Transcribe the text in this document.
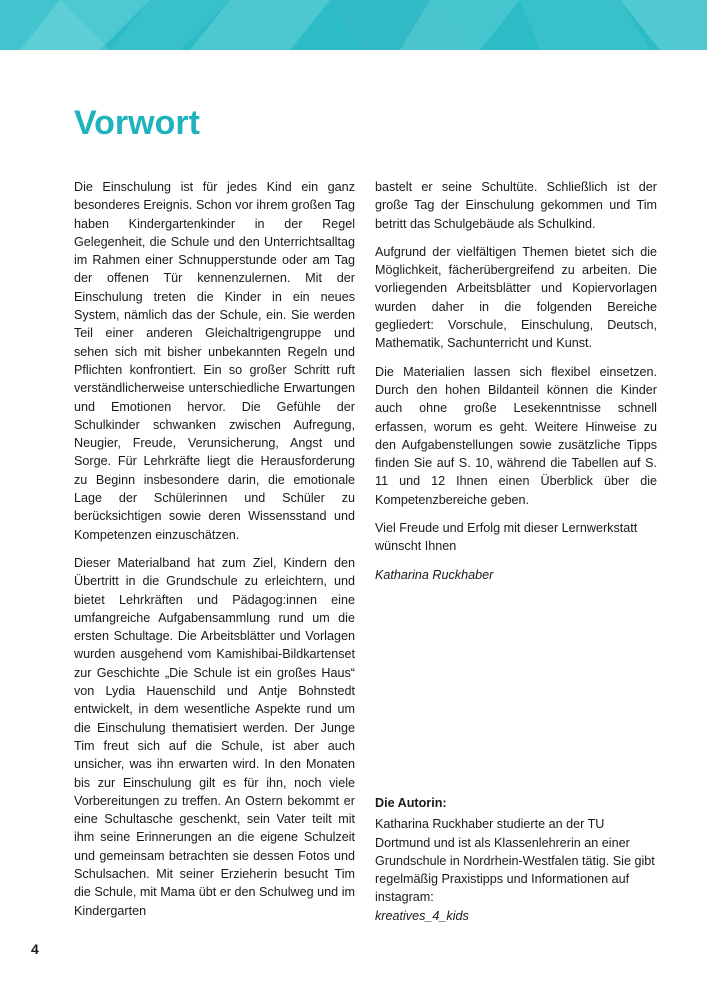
Vorwort

Die Einschulung ist für jedes Kind ein ganz besonderes Ereignis. Schon vor ihrem großen Tag haben Kindergartenkinder in der Regel Gelegenheit, die Schule und den Unterrichtsalltag im Rahmen einer Schnupperstunde oder am Tag der offenen Tür kennenzulernen. Mit der Einschulung treten die Kinder in ein neues System, nämlich das der Schule, ein. Sie werden Teil einer anderen Gleichaltrigengruppe und sehen sich mit bisher unbekannten Regeln und Pflichten konfrontiert. Ein so großer Schritt ruft verständlicherweise unterschiedliche Erwartungen und Emotionen hervor. Die Gefühle der Schulkinder schwanken zwischen Aufregung, Neugier, Freude, Verunsicherung, Angst und Sorge. Für Lehrkräfte liegt die Herausforderung zu Beginn insbesondere darin, die emotionale Lage der Schülerinnen und Schüler zu berücksichtigen sowie deren Wissensstand und Kompetenzen einzuschätzen.

Dieser Materialband hat zum Ziel, Kindern den Übertritt in die Grundschule zu erleichtern, und bietet Lehrkräften und Pädagog:innen eine umfangreiche Aufgabensammlung rund um die ersten Schultage. Die Arbeitsblätter und Vorlagen wurden ausgehend vom Kamishibai-Bildkartenset zur Geschichte „Die Schule ist ein großes Haus“ von Lydia Hauenschild und Antje Bohnstedt entwickelt, in dem wesentliche Aspekte rund um die Einschulung thematisiert werden. Der Junge Tim freut sich auf die Schule, ist aber auch unsicher, was ihn erwarten wird. In den Monaten bis zur Einschulung gilt es für ihn, noch viele Vorbereitungen zu treffen. An Ostern bekommt er eine Schultasche geschenkt, sein Vater teilt mit ihm seine Erinnerungen an die eigene Schulzeit und gemeinsam betrachten sie dessen Fotos und Schulsachen. Mit seiner Erzieherin besucht Tim die Schule, mit Mama übt er den Schulweg und im Kindergarten

bastelt er seine Schultüte. Schließlich ist der große Tag der Einschulung gekommen und Tim betritt das Schulgebäude als Schulkind.

Aufgrund der vielfältigen Themen bietet sich die Möglichkeit, fächerübergreifend zu arbeiten. Die vorliegenden Arbeitsblätter und Kopiervorlagen wurden daher in die folgenden Bereiche gegliedert: Vorschule, Einschulung, Deutsch, Mathematik, Sachunterricht und Kunst.

Die Materialien lassen sich flexibel einsetzen. Durch den hohen Bildanteil können die Kinder auch ohne große Lesekenntnisse schnell erfassen, worum es geht. Weitere Hinweise zu den Aufgabenstellungen sowie zusätzliche Tipps finden Sie auf S. 10, während die Tabellen auf S. 11 und 12 Ihnen einen Überblick über die Kompetenzbereiche geben.

Viel Freude und Erfolg mit dieser Lernwerkstatt wünscht Ihnen

Katharina Ruckhaber

Die Autorin:

Katharina Ruckhaber studierte an der TU Dortmund und ist als Klassenlehrerin an einer Grundschule in Nordrhein-Westfalen tätig. Sie gibt regelmäßig Praxistipps und Informationen auf instagram:

kreatives_4_kids

4
